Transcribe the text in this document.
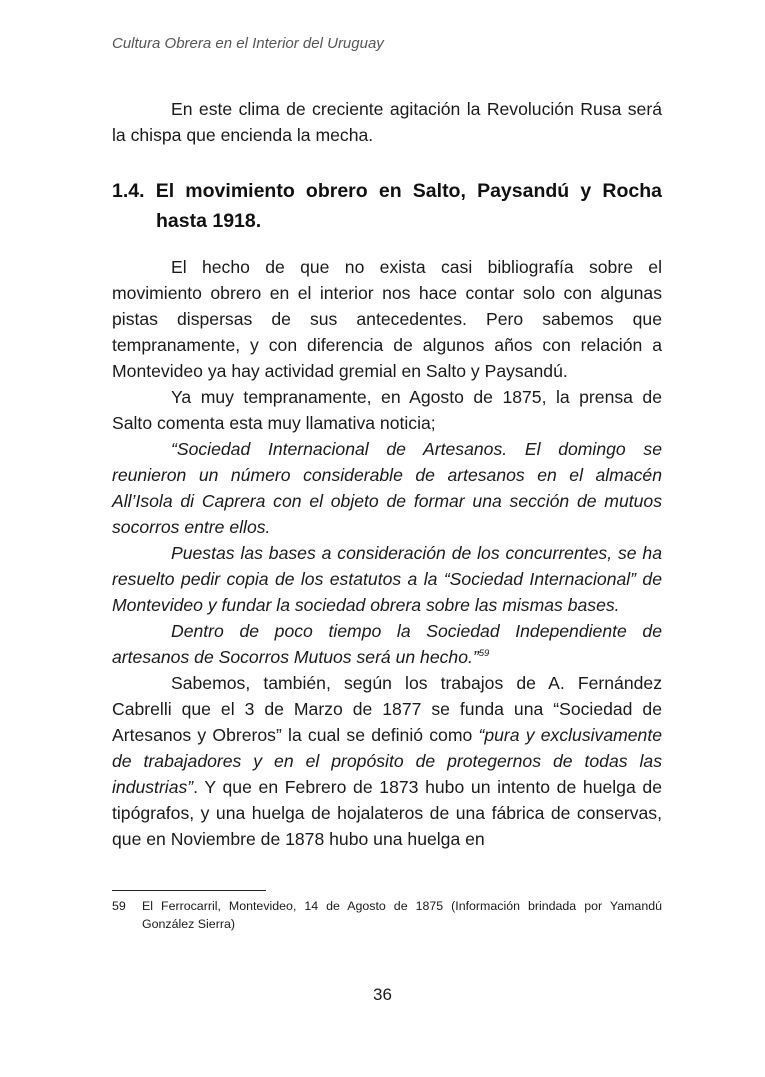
Cultura Obrera en el Interior del Uruguay

En este clima de creciente agitación la Revolución Rusa será la chispa que encienda la mecha.

1.4. El movimiento obrero en Salto, Paysandú y Rocha hasta 1918.

El hecho de que no exista casi bibliografía sobre el movimiento obrero en el interior nos hace contar solo con algunas pistas dispersas de sus antecedentes. Pero sabemos que tempranamente, y con diferencia de algunos años con relación a Montevideo ya hay actividad gremial en Salto y Paysandú.

Ya muy tempranamente, en Agosto de 1875, la prensa de Salto comenta esta muy llamativa noticia;

“Sociedad Internacional de Artesanos. El domingo se reunieron un número considerable de artesanos en el almacén All’Isola di Caprera con el objeto de formar una sección de mutuos socorros entre ellos.

Puestas las bases a consideración de los concurrentes, se ha resuelto pedir copia de los estatutos a la “Sociedad Internacional” de Montevideo y fundar la sociedad obrera sobre las mismas bases.

Dentro de poco tiempo la Sociedad Independiente de artesanos de Socorros Mutuos será un hecho.”$^{59}$

Sabemos, también, según los trabajos de A. Fernández Cabrelli que el 3 de Marzo de 1877 se funda una “Sociedad de Artesanos y Obreros” la cual se definió como “pura y exclusivamente de trabajadores y en el propósito de protegernos de todas las industrias”. Y que en Febrero de 1873 hubo un intento de huelga de tipógrafos, y una huelga de hojalateros de una fábrica de conservas, que en Noviembre de 1878 hubo una huelga en

59 El Ferrocarril, Montevideo, 14 de Agosto de 1875 (Información brindada por Yamandú González Sierra)
36
